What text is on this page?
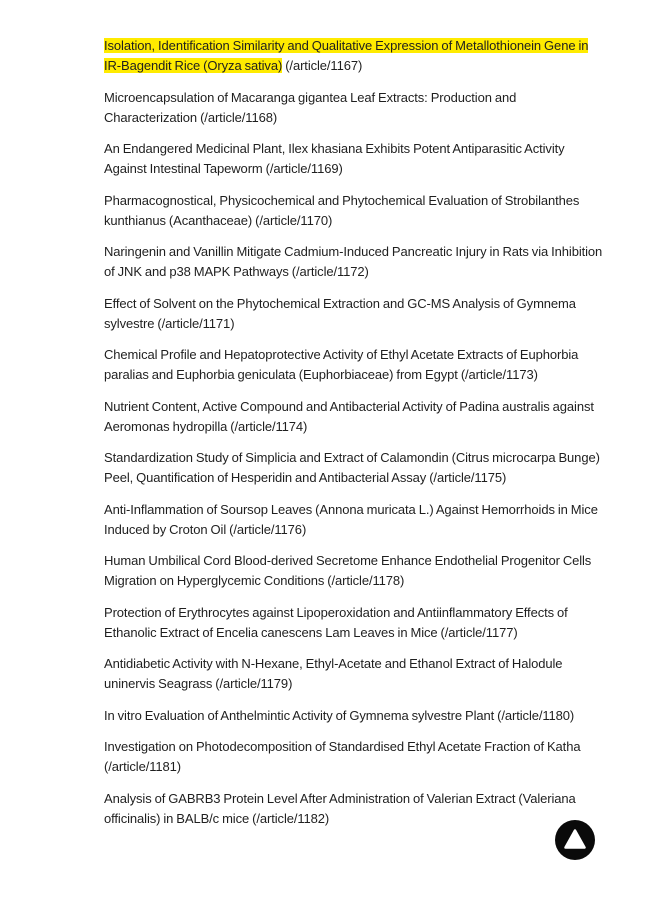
Isolation, Identification Similarity and Qualitative Expression of Metallothionein Gene in IR-Bagendit Rice (Oryza sativa) (/article/1167)

Microencapsulation of Macaranga gigantea Leaf Extracts: Production and Characterization (/article/1168)

An Endangered Medicinal Plant, Ilex khasiana Exhibits Potent Antiparasitic Activity Against Intestinal Tapeworm (/article/1169)

Pharmacognostical, Physicochemical and Phytochemical Evaluation of Strobilanthes kunthianus (Acanthaceae) (/article/1170)

Naringenin and Vanillin Mitigate Cadmium-Induced Pancreatic Injury in Rats via Inhibition of JNK and p38 MAPK Pathways (/article/1172)

Effect of Solvent on the Phytochemical Extraction and GC-MS Analysis of Gymnema sylvestre (/article/1171)

Chemical Profile and Hepatoprotective Activity of Ethyl Acetate Extracts of Euphorbia paralias and Euphorbia geniculata (Euphorbiaceae) from Egypt (/article/1173)

Nutrient Content, Active Compound and Antibacterial Activity of Padina australis against Aeromonas hydropilla (/article/1174)

Standardization Study of Simplicia and Extract of Calamondin (Citrus microcarpa Bunge) Peel, Quantification of Hesperidin and Antibacterial Assay (/article/1175)

Anti-Inflammation of Soursop Leaves (Annona muricata L.) Against Hemorrhoids in Mice Induced by Croton Oil (/article/1176)

Human Umbilical Cord Blood-derived Secretome Enhance Endothelial Progenitor Cells Migration on Hyperglycemic Conditions (/article/1178)

Protection of Erythrocytes against Lipoperoxidation and Antiinflammatory Effects of Ethanolic Extract of Encelia canescens Lam Leaves in Mice (/article/1177)

Antidiabetic Activity with N-Hexane, Ethyl-Acetate and Ethanol Extract of Halodule uninervis Seagrass (/article/1179)

In vitro Evaluation of Anthelmintic Activity of Gymnema sylvestre Plant (/article/1180)

Investigation on Photodecomposition of Standardised Ethyl Acetate Fraction of Katha (/article/1181)

Analysis of GABRB3 Protein Level After Administration of Valerian Extract (Valeriana officinalis) in BALB/c mice (/article/1182)
